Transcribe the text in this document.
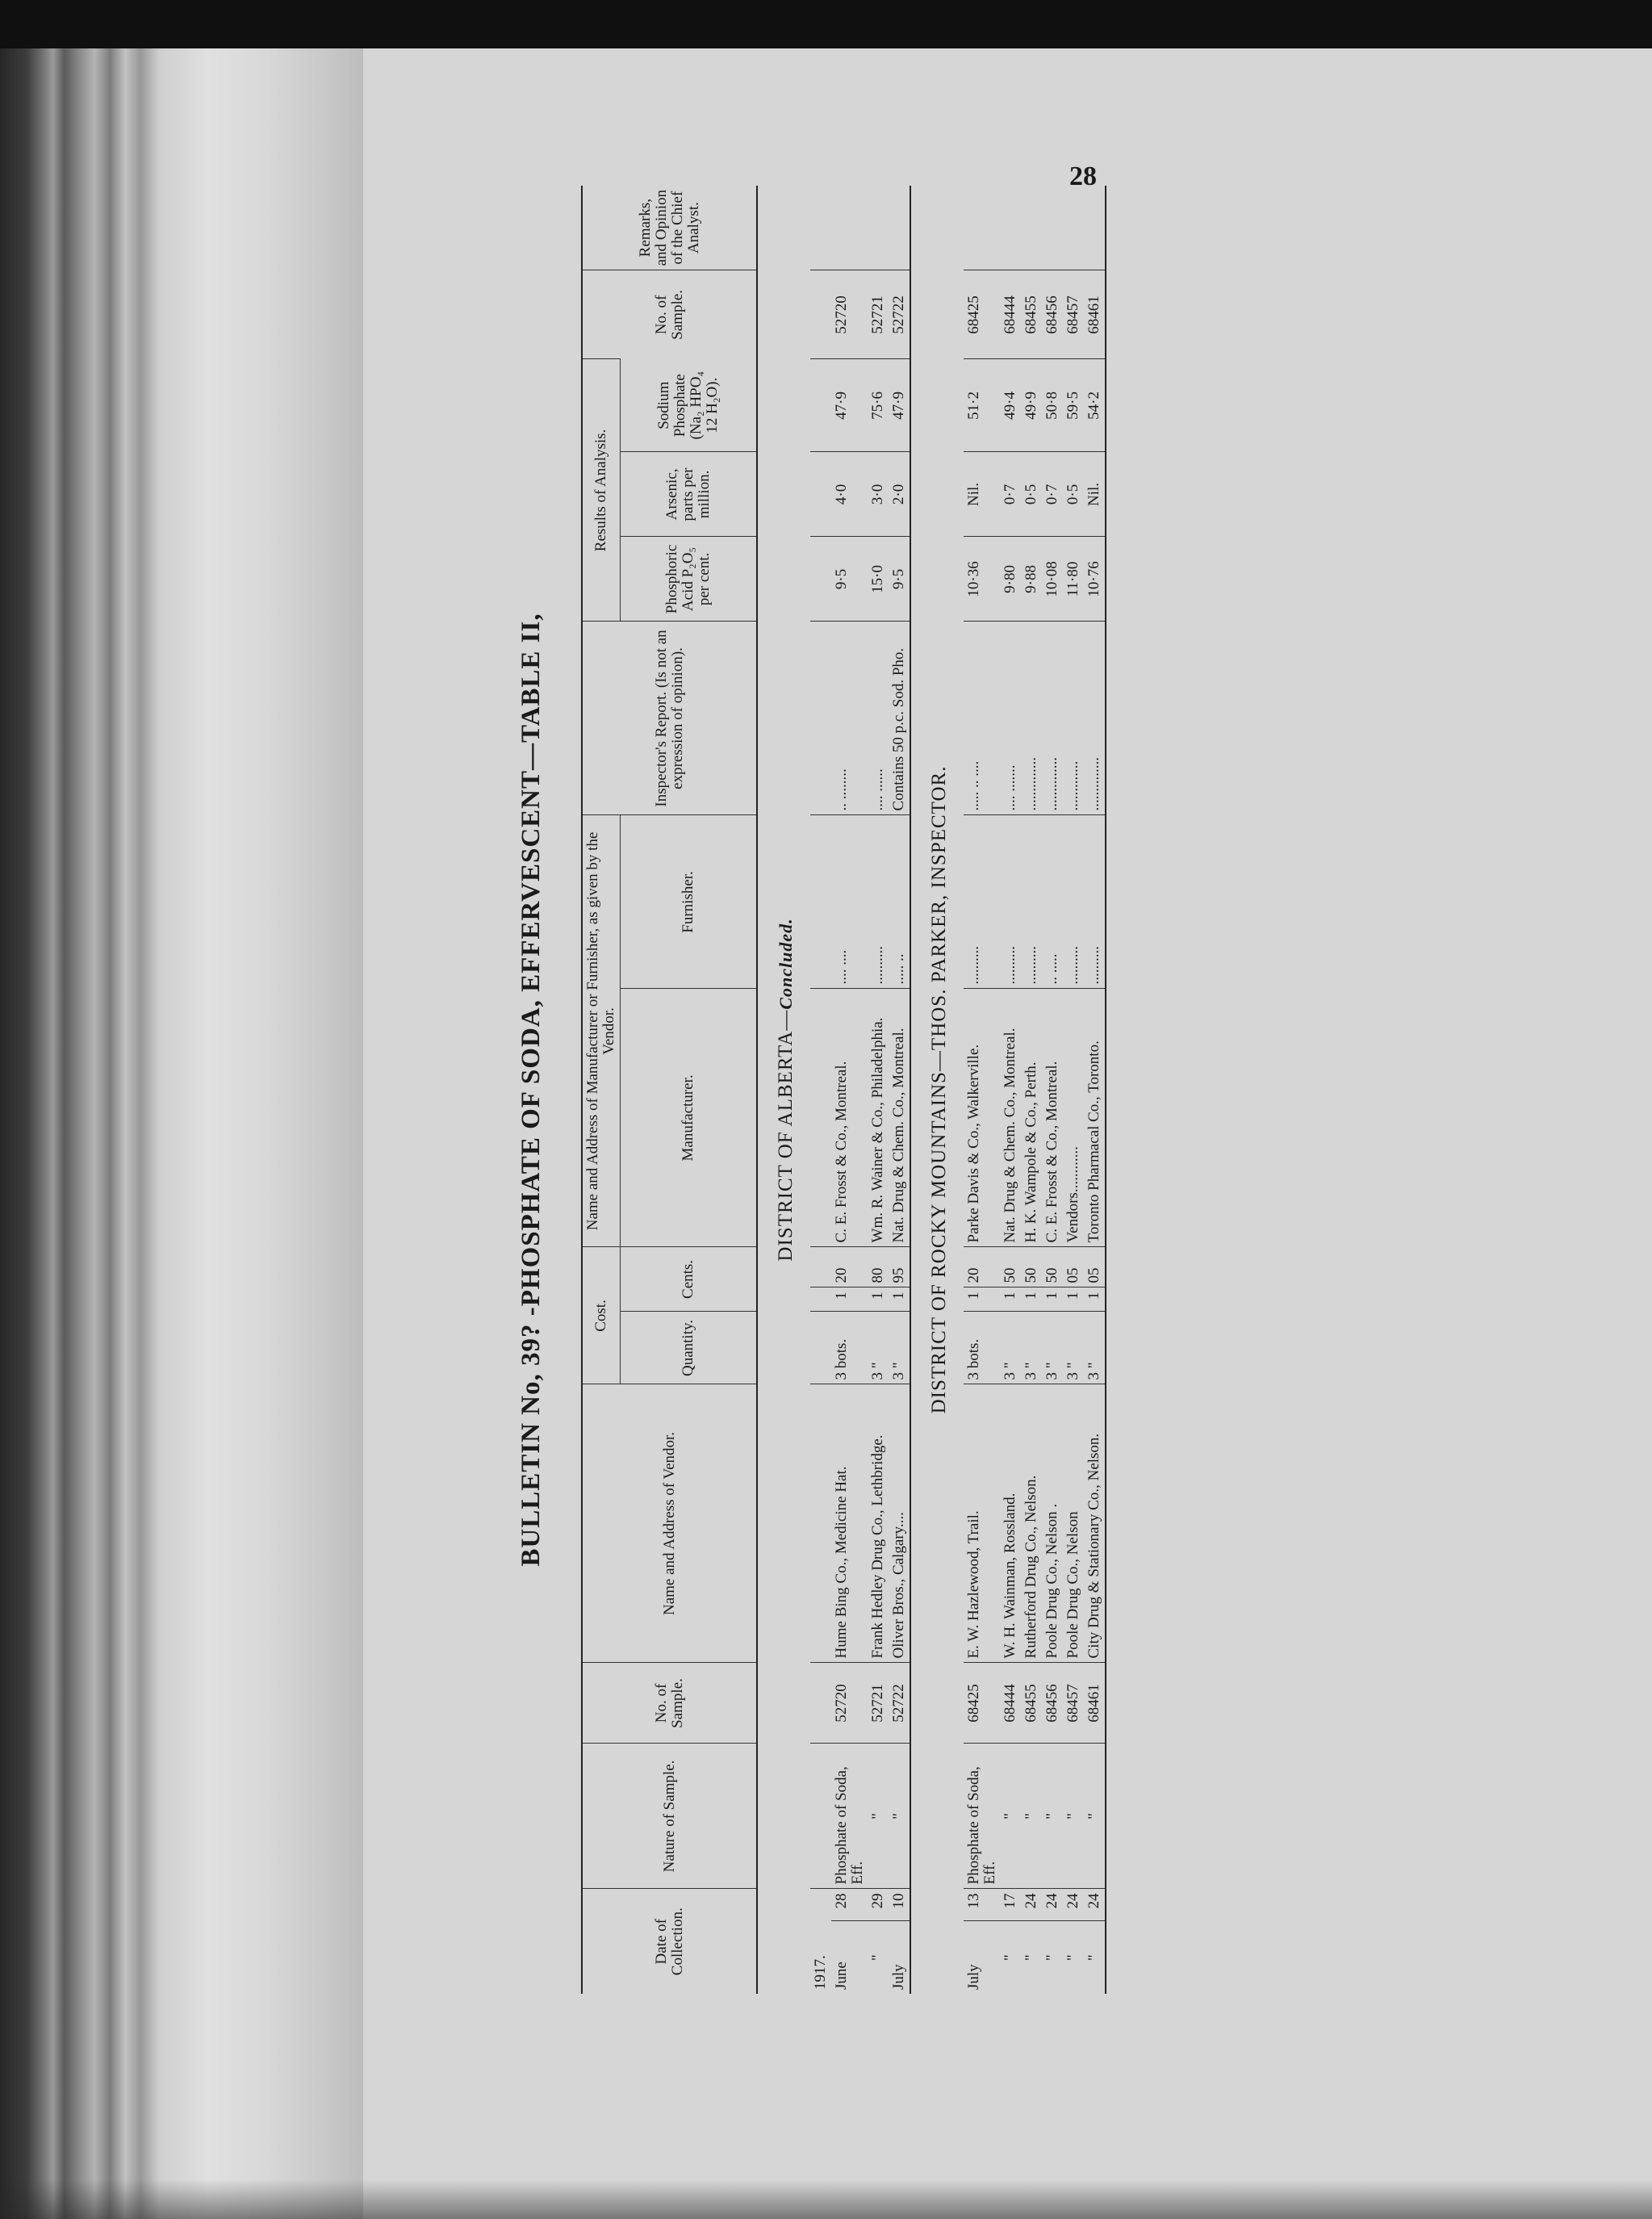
28
BULLETIN No, 39? -PHOSPHATE OF SODA, EFFERVESCENT—TABLE II,
Date of Collection.		Nature of Sample.	No. of Sample.	Name and Address of Vendor.	Cost.			Name and Address of Manufacturer or Furnisher, as given by the Vendor.		Inspector's Report. (Is not an expression of opinion).	Results of Analysis.			No. of Sample.	Remarks, and Opinion of the Chief Analyst.
					Quantity.	Cents.		Manufacturer.	Furnisher.		Phosphoric Acid P₂O₅ per cent.	Arsenic, parts per million.	Sodium Phosphate (Na₂ HPO₄ 12 H₂O).		
DISTRICT OF ALBERTA—Concluded.															
1917.															
June	28	Phosphate of Soda, Eff.	52720	Hume Bing Co., Medicine Hat.	3 bots.	1	20	C. E. Frosst & Co., Montreal.	.... ....	.. ........	9·5	4·0	47·9	52720	
"	29	"	52721	Frank Hedley Drug Co., Lethbridge.	3 "	1	80	Wm. R. Wainer & Co., Philadelphia.	..........	.... ......	15·0	3·0	75·6	52721	
July	10	"	52722	Oliver Bros., Calgary....	3 "	1	95	Nat. Drug & Chem. Co., Montreal.	..... ..	Contains 50 p.c. Sod. Pho.	9·5	2·0	47·9	52722	
DISTRICT OF ROCKY MOUNTAINS—THOS. PARKER, INSPECTOR.															
July	13	Phosphate of Soda, Eff.	68425	E. W. Hazlewood, Trail.	3 bots.	1	20	Parke Davis & Co., Walkerville.	..........	..... .. ....	10·36	Nil.	51·2	68425	
"	17	"	68444	W. H. Wainman, Rossland.	3 "	1	50	Nat. Drug & Chem. Co., Montreal.	..........	.... .......	9·80	0·7	49·4	68444	
"	24	"	68455	Rutherford Drug Co., Nelson.	3 "	1	50	H. K. Wampole & Co., Perth.	..........	..............	9·88	0·5	49·9	68455	
"	24	"	68456	Poole Drug Co., Nelson .	3 "	1	50	C. E. Frosst & Co., Montreal.	.. .....	..............	10·08	0·7	50·8	68456	
"	24	"	68457	Poole Drug Co., Nelson	3 "	1	05	Vendors............	..........	.............	11·80	0·5	59·5	68457	
"	24	"	68461	City Drug & Stationary Co., Nelson.	3 "	1	05	Toronto Pharmacal Co., Toronto.	..........	..............	10·76	Nil.	54·2	68461	
